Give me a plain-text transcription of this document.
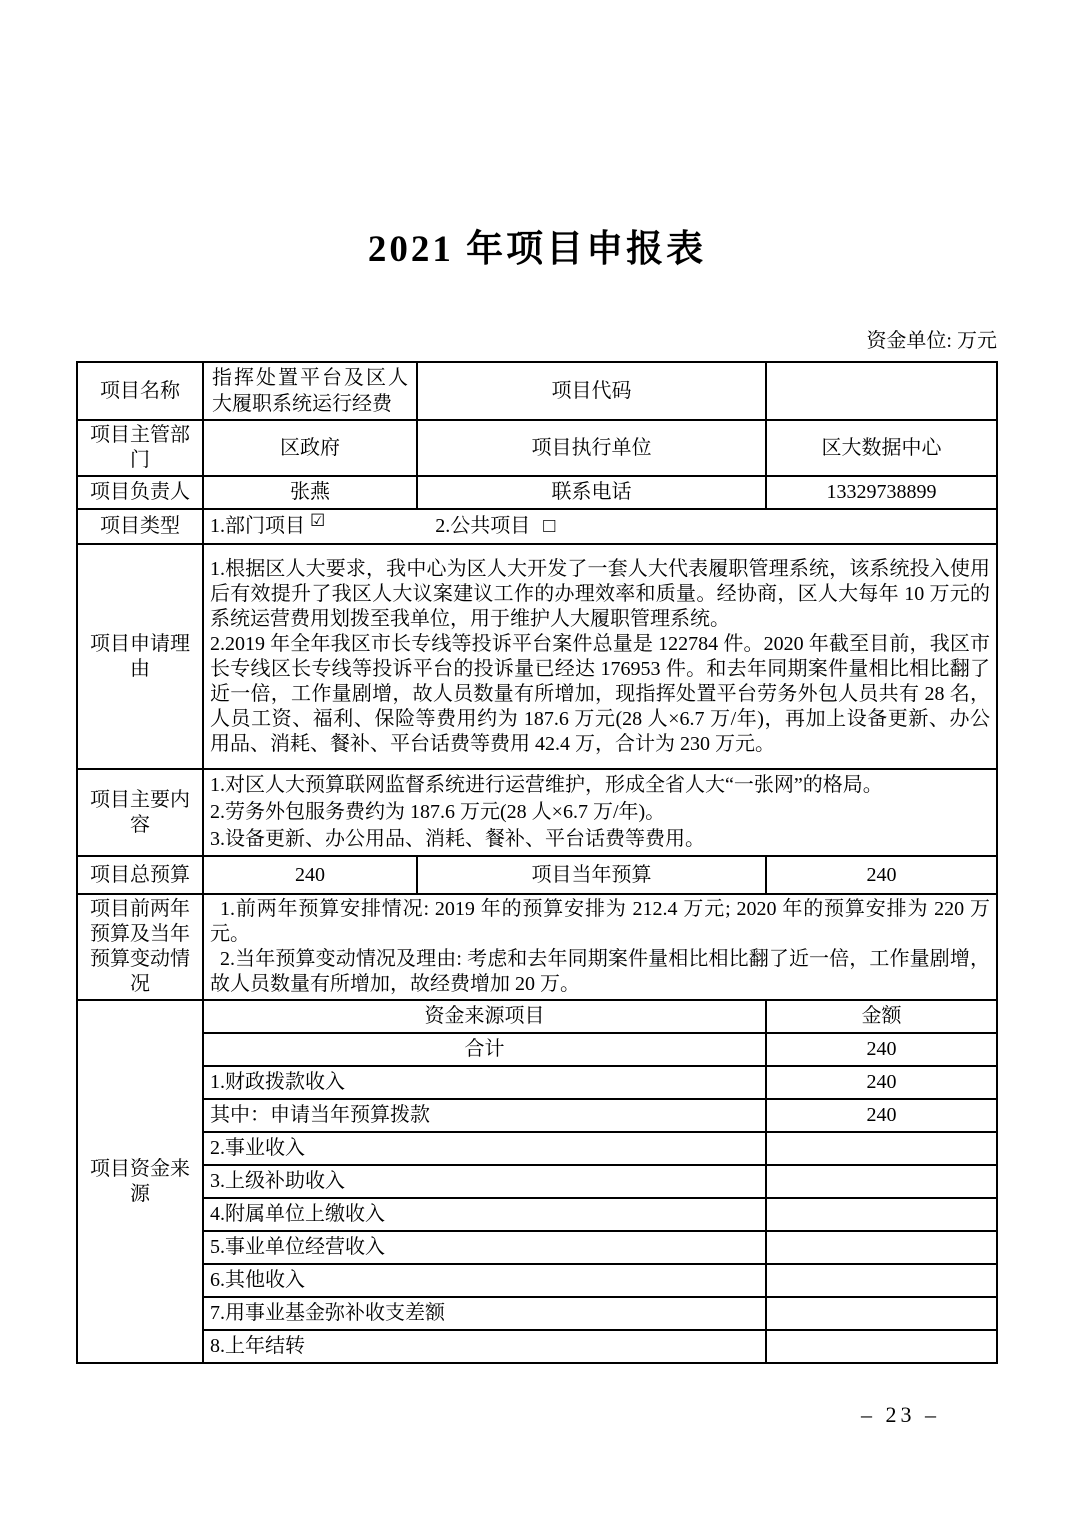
2021 年项目申报表
资金单位: 万元
项目名称	指挥处置平台及区人大履职系统运行经费	项目代码	
项目主管部门	区政府	项目执行单位	区大数据中心
项目负责人	张燕	联系电话	13329738899
项目类型	1.部门项目 ☑ 2.公共项目 □		
项目申请理由	1.根据区人大要求，我中心为区人大开发了一套人大代表履职管理系统，该系统投入使用后有效提升了我区人大议案建议工作的办理效率和质量。经协商，区人大每年 10 万元的系统运营费用划拨至我单位，用于维护人大履职管理系统。
2.2019 年全年我区市长专线等投诉平台案件总量是 122784 件。2020 年截至目前，我区市长专线区长专线等投诉平台的投诉量已经达 176953 件。和去年同期案件量相比相比翻了近一倍，工作量剧增，故人员数量有所增加，现指挥处置平台劳务外包人员共有 28 名，人员工资、福利、保险等费用约为 187.6 万元(28 人×6.7 万/年)，再加上设备更新、办公用品、消耗、餐补、平台话费等费用 42.4 万，合计为 230 万元。		

项目主要内容	1.对区人大预算联网监督系统进行运营维护，形成全省人大“一张网”的格局。
2.劳务外包服务费约为 187.6 万元(28 人×6.7 万/年)。
3.设备更新、办公用品、消耗、餐补、平台话费等费用。		

项目总预算	240	项目当年预算	240
项目前两年预算及当年预算变动情况	1.前两年预算安排情况: 2019 年的预算安排为 212.4 万元; 2020 年的预算安排为 220 万元。
2.当年预算变动情况及理由: 考虑和去年同期案件量相比相比翻了近一倍，工作量剧增，故人员数量有所增加，故经费增加 20 万。		

项目资金来源	资金来源项目		金额
	合计		240
	1.财政拨款收入		240
	其中：申请当年预算拨款		240
	2.事业收入		
	3.上级补助收入		
	4.附属单位上缴收入		
	5.事业单位经营收入		
	6.其他收入		
	7.用事业基金弥补收支差额		
	8.上年结转		
– 23 –
